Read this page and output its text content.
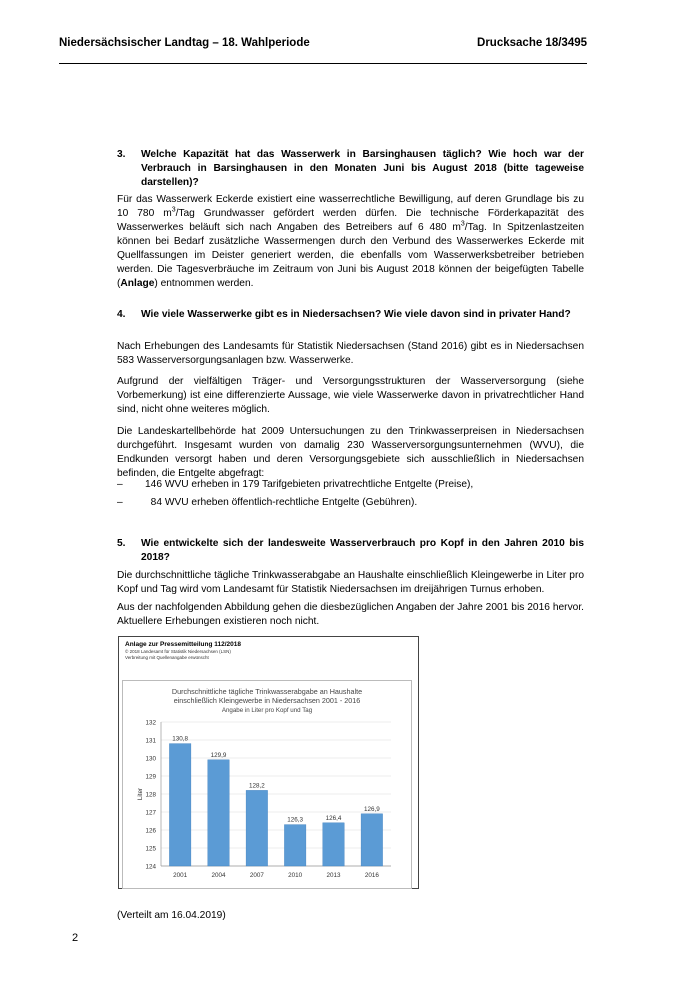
Niedersächsischer Landtag – 18. Wahlperiode	Drucksache 18/3495
3. Welche Kapazität hat das Wasserwerk in Barsinghausen täglich? Wie hoch war der Verbrauch in Barsinghausen in den Monaten Juni bis August 2018 (bitte tageweise darstellen)?
Für das Wasserwerk Eckerde existiert eine wasserrechtliche Bewilligung, auf deren Grundlage bis zu 10 780 $m^3$/Tag Grundwasser gefördert werden dürfen. Die technische Förderkapazität des Wasserwerkes beläuft sich nach Angaben des Betreibers auf 6 480 $m^3$/Tag. In Spitzenlastzeiten können bei Bedarf zusätzliche Wassermengen durch den Verbund des Wasserwerkes Eckerde mit Quellfassungen im Deister generiert werden, die ebenfalls vom Wasserwerksbetreiber betrieben werden. Die Tagesverbräuche im Zeitraum von Juni bis August 2018 können der beigefügten Tabelle (Anlage) entnommen werden.
4. Wie viele Wasserwerke gibt es in Niedersachsen? Wie viele davon sind in privater Hand?
Nach Erhebungen des Landesamts für Statistik Niedersachsen (Stand 2016) gibt es in Niedersachsen 583 Wasserversorgungsanlagen bzw. Wasserwerke.
Aufgrund der vielfältigen Träger- und Versorgungsstrukturen der Wasserversorgung (siehe Vorbemerkung) ist eine differenzierte Aussage, wie viele Wasserwerke davon in privatrechtlicher Hand sind, nicht ohne weiteres möglich.
Die Landeskartellbehörde hat 2009 Untersuchungen zu den Trinkwasserpreisen in Niedersachsen durchgeführt. Insgesamt wurden von damalig 230 Wasserversorgungsunternehmen (WVU), die Endkunden versorgt haben und deren Versorgungsgebiete sich ausschließlich in Niedersachsen befinden, die Entgelte abgefragt:
– 146 WVU erheben in 179 Tarifgebieten privatrechtliche Entgelte (Preise),
– 84 WVU erheben öffentlich-rechtliche Entgelte (Gebühren).
5. Wie entwickelte sich der landesweite Wasserverbrauch pro Kopf in den Jahren 2010 bis 2018?
Die durchschnittliche tägliche Trinkwasserabgabe an Haushalte einschließlich Kleingewerbe in Liter pro Kopf und Tag wird vom Landesamt für Statistik Niedersachsen im dreijährigen Turnus erhoben.
Aus der nachfolgenden Abbildung gehen die diesbezüglichen Angaben der Jahre 2001 bis 2016 hervor. Aktuellere Erhebungen existieren noch nicht.
Anlage zur Pressemitteilung 112/2018
© 2018 Landesamt für Statistik Niedersachsen (LSN)
Verbreitung mit Quellenangabe erwünscht
Durchschnittliche tägliche Trinkwasserabgabe an Haushalte
einschließlich Kleingewerbe in Niedersachsen 2001 - 2016
Angabe in Liter pro Kopf und Tag
124
125
126
127
128
129
130
131
132
Liter
130,8
2001
129,9
2004
128,2
2007
126,3
2010
126,4
2013
126,9
2016
(Verteilt am 16.04.2019)
2
